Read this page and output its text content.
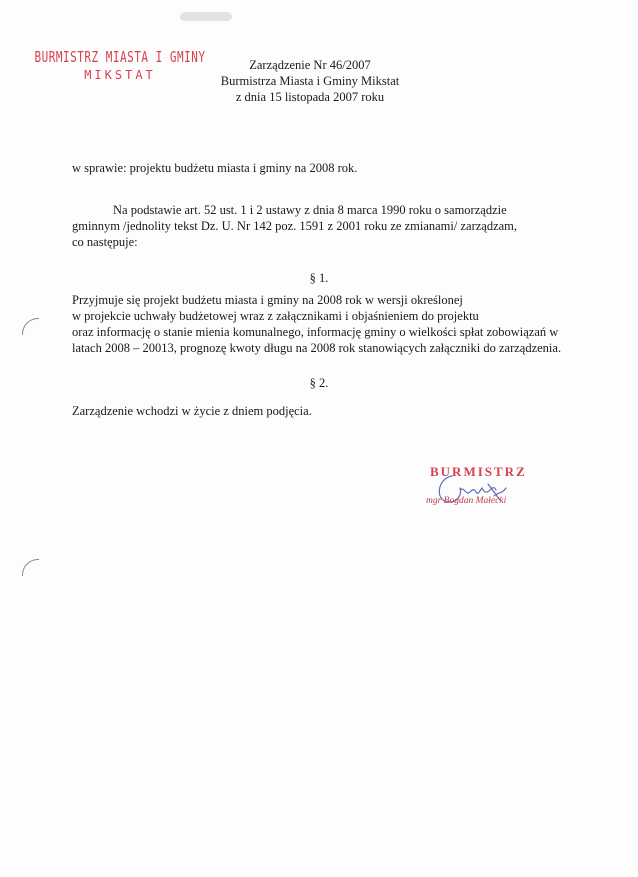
BURMISTRZ MIASTA I GMINY
MIKSTAT
Zarządzenie Nr 46/2007
Burmistrza Miasta i Gminy Mikstat
z dnia 15 listopada 2007 roku
w sprawie: projektu budżetu miasta i gminy na 2008 rok.
Na podstawie art. 52 ust. 1 i 2 ustawy z dnia 8 marca 1990 roku o samorządzie
gminnym /jednolity tekst Dz. U. Nr 142 poz. 1591 z 2001 roku ze zmianami/ zarządzam,
co następuje:
§ 1.
Przyjmuje się projekt budżetu miasta i gminy na 2008 rok w wersji określonej
w projekcie uchwały budżetowej wraz z załącznikami i objaśnieniem do projektu
oraz informację o stanie mienia komunalnego, informację gminy o wielkości spłat zobowiązań w
latach 2008 – 20013, prognozę kwoty długu na 2008 rok stanowiących załączniki do zarządzenia.
§ 2.
Zarządzenie wchodzi w życie z dniem podjęcia.
BURMISTRZ
mgr Bogdan Małecki
